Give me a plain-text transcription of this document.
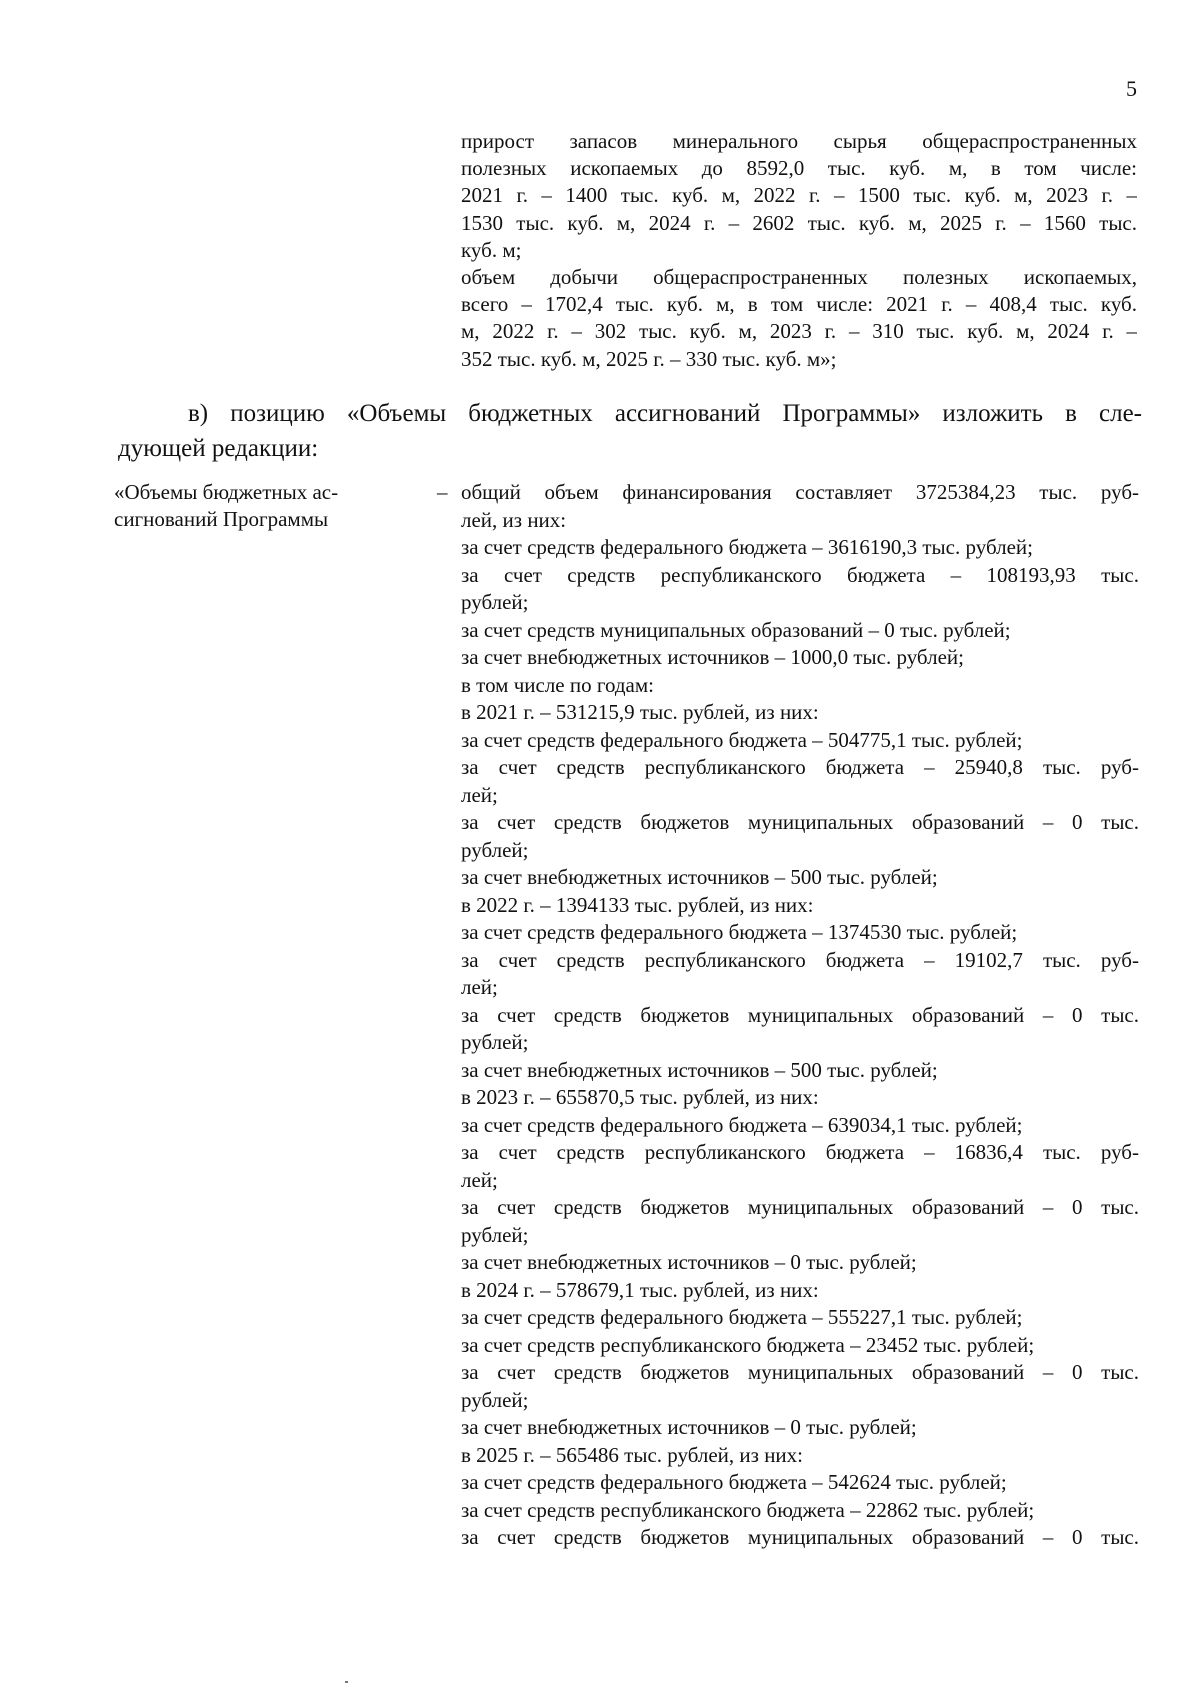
5
прирост запасов минерального сырья общераспространенных
полезных ископаемых до 8592,0 тыс. куб. м, в том числе:
2021 г. – 1400 тыс. куб. м, 2022 г. – 1500 тыс. куб. м, 2023 г. –
1530 тыс. куб. м, 2024 г. – 2602 тыс. куб. м, 2025 г. – 1560 тыс.
куб. м;
объем добычи общераспространенных полезных ископаемых,
всего – 1702,4 тыс. куб. м, в том числе: 2021 г. – 408,4 тыс. куб.
м, 2022 г. – 302 тыс. куб. м, 2023 г. – 310 тыс. куб. м, 2024 г. –
352 тыс. куб. м, 2025 г. – 330 тыс. куб. м»;
в) позицию «Объемы бюджетных ассигнований Программы» изложить в сле-
дующей редакции:
«Объемы бюджетных ас-
сигнований Программы
– общий объем финансирования составляет 3725384,23 тыс. руб-
лей, из них:
за счет средств федерального бюджета – 3616190,3 тыс. рублей;
за счет средств республиканского бюджета – 108193,93 тыс.
рублей;
за счет средств муниципальных образований – 0 тыс. рублей;
за счет внебюджетных источников – 1000,0 тыс. рублей;
в том числе по годам:
в 2021 г. – 531215,9 тыс. рублей, из них:
за счет средств федерального бюджета – 504775,1 тыс. рублей;
за счет средств республиканского бюджета – 25940,8 тыс. руб-
лей;
за счет средств бюджетов муниципальных образований – 0 тыс.
рублей;
за счет внебюджетных источников – 500 тыс. рублей;
в 2022 г. – 1394133 тыс. рублей, из них:
за счет средств федерального бюджета – 1374530 тыс. рублей;
за счет средств республиканского бюджета – 19102,7 тыс. руб-
лей;
за счет средств бюджетов муниципальных образований – 0 тыс.
рублей;
за счет внебюджетных источников – 500 тыс. рублей;
в 2023 г. – 655870,5 тыс. рублей, из них:
за счет средств федерального бюджета – 639034,1 тыс. рублей;
за счет средств республиканского бюджета – 16836,4 тыс. руб-
лей;
за счет средств бюджетов муниципальных образований – 0 тыс.
рублей;
за счет внебюджетных источников – 0 тыс. рублей;
в 2024 г. – 578679,1 тыс. рублей, из них:
за счет средств федерального бюджета – 555227,1 тыс. рублей;
за счет средств республиканского бюджета – 23452 тыс. рублей;
за счет средств бюджетов муниципальных образований – 0 тыс.
рублей;
за счет внебюджетных источников – 0 тыс. рублей;
в 2025 г. – 565486 тыс. рублей, из них:
за счет средств федерального бюджета – 542624 тыс. рублей;
за счет средств республиканского бюджета – 22862 тыс. рублей;
за счет средств бюджетов муниципальных образований – 0 тыс.
